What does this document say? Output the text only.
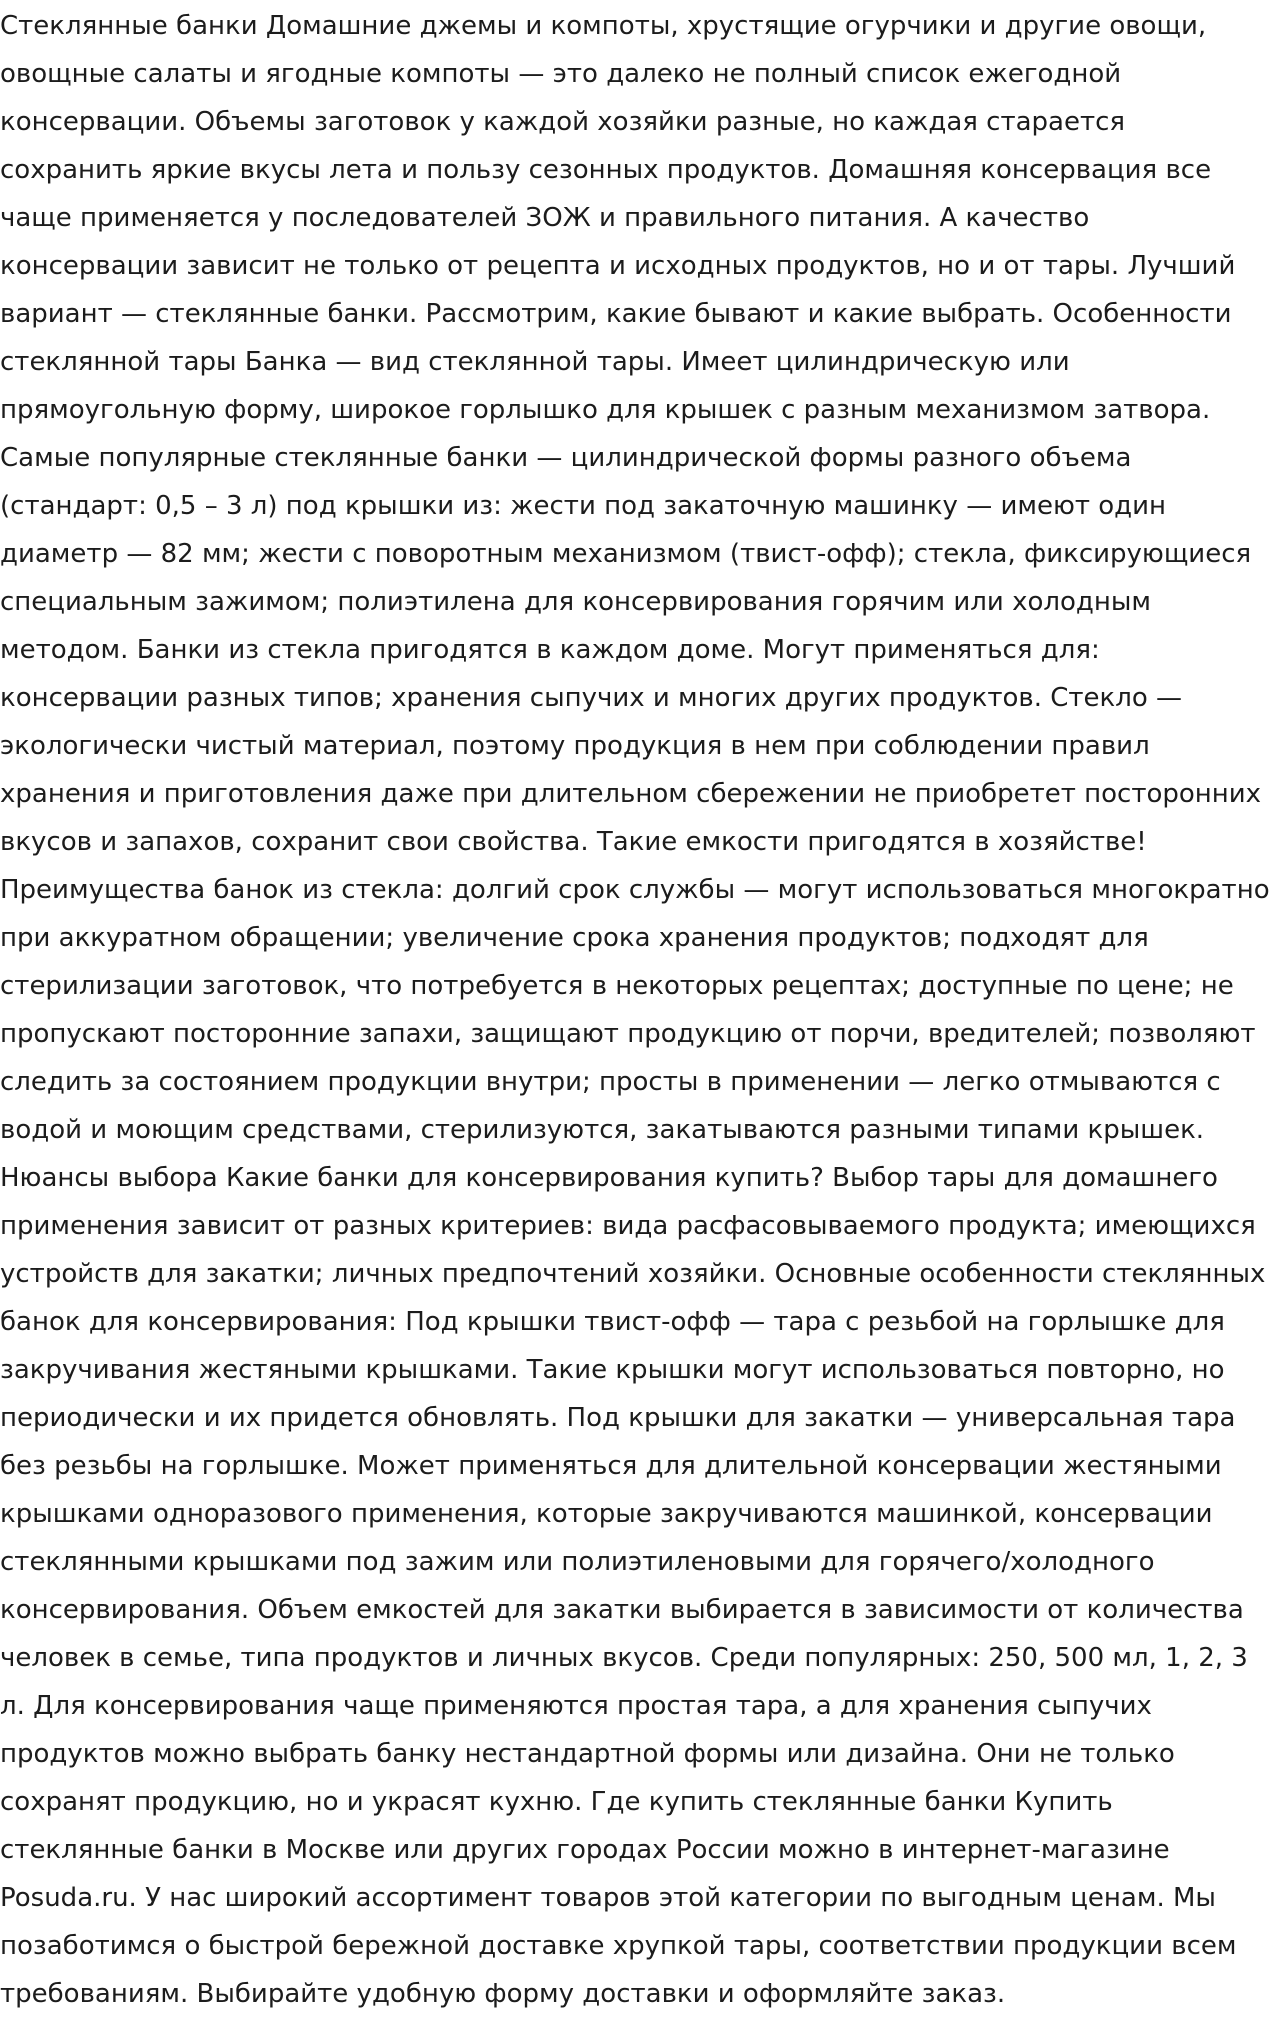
Стеклянные банки Домашние джемы и компоты, хрустящие огурчики и другие овощи,
овощные салаты и ягодные компоты — это далеко не полный список ежегодной
консервации. Объемы заготовок у каждой хозяйки разные, но каждая старается
сохранить яркие вкусы лета и пользу сезонных продуктов. Домашняя консервация все
чаще применяется у последователей ЗОЖ и правильного питания. А качество
консервации зависит не только от рецепта и исходных продуктов, но и от тары. Лучший
вариант — стеклянные банки. Рассмотрим, какие бывают и какие выбрать. Особенности
стеклянной тары Банка — вид стеклянной тары. Имеет цилиндрическую или
прямоугольную форму, широкое горлышко для крышек с разным механизмом затвора.
Самые популярные стеклянные банки — цилиндрической формы разного объема
(стандарт: 0,5 – 3 л) под крышки из: жести под закаточную машинку — имеют один
диаметр — 82 мм; жести с поворотным механизмом (твист-офф); стекла, фиксирующиеся
специальным зажимом; полиэтилена для консервирования горячим или холодным
методом. Банки из стекла пригодятся в каждом доме. Могут применяться для:
консервации разных типов; хранения сыпучих и многих других продуктов. Стекло —
экологически чистый материал, поэтому продукция в нем при соблюдении правил
хранения и приготовления даже при длительном сбережении не приобретет посторонних
вкусов и запахов, сохранит свои свойства. Такие емкости пригодятся в хозяйстве!
Преимущества банок из стекла: долгий срок службы — могут использоваться многократно
при аккуратном обращении; увеличение срока хранения продуктов; подходят для
стерилизации заготовок, что потребуется в некоторых рецептах; доступные по цене; не
пропускают посторонние запахи, защищают продукцию от порчи, вредителей; позволяют
следить за состоянием продукции внутри; просты в применении — легко отмываются с
водой и моющим средствами, стерилизуются, закатываются разными типами крышек.
Нюансы выбора Какие банки для консервирования купить? Выбор тары для домашнего
применения зависит от разных критериев: вида расфасовываемого продукта; имеющихся
устройств для закатки; личных предпочтений хозяйки. Основные особенности стеклянных
банок для консервирования: Под крышки твист-офф — тара с резьбой на горлышке для
закручивания жестяными крышками. Такие крышки могут использоваться повторно, но
периодически и их придется обновлять. Под крышки для закатки — универсальная тара
без резьбы на горлышке. Может применяться для длительной консервации жестяными
крышками одноразового применения, которые закручиваются машинкой, консервации
стеклянными крышками под зажим или полиэтиленовыми для горячего/холодного
консервирования. Объем емкостей для закатки выбирается в зависимости от количества
человек в семье, типа продуктов и личных вкусов. Среди популярных: 250, 500 мл, 1, 2, 3
л. Для консервирования чаще применяются простая тара, а для хранения сыпучих
продуктов можно выбрать банку нестандартной формы или дизайна. Они не только
сохранят продукцию, но и украсят кухню. Где купить стеклянные банки Купить
стеклянные банки в Москве или других городах России можно в интернет-магазине
Posuda.ru. У нас широкий ассортимент товаров этой категории по выгодным ценам. Мы
позаботимся о быстрой бережной доставке хрупкой тары, соответствии продукции всем
требованиям. Выбирайте удобную форму доставки и оформляйте заказ.
